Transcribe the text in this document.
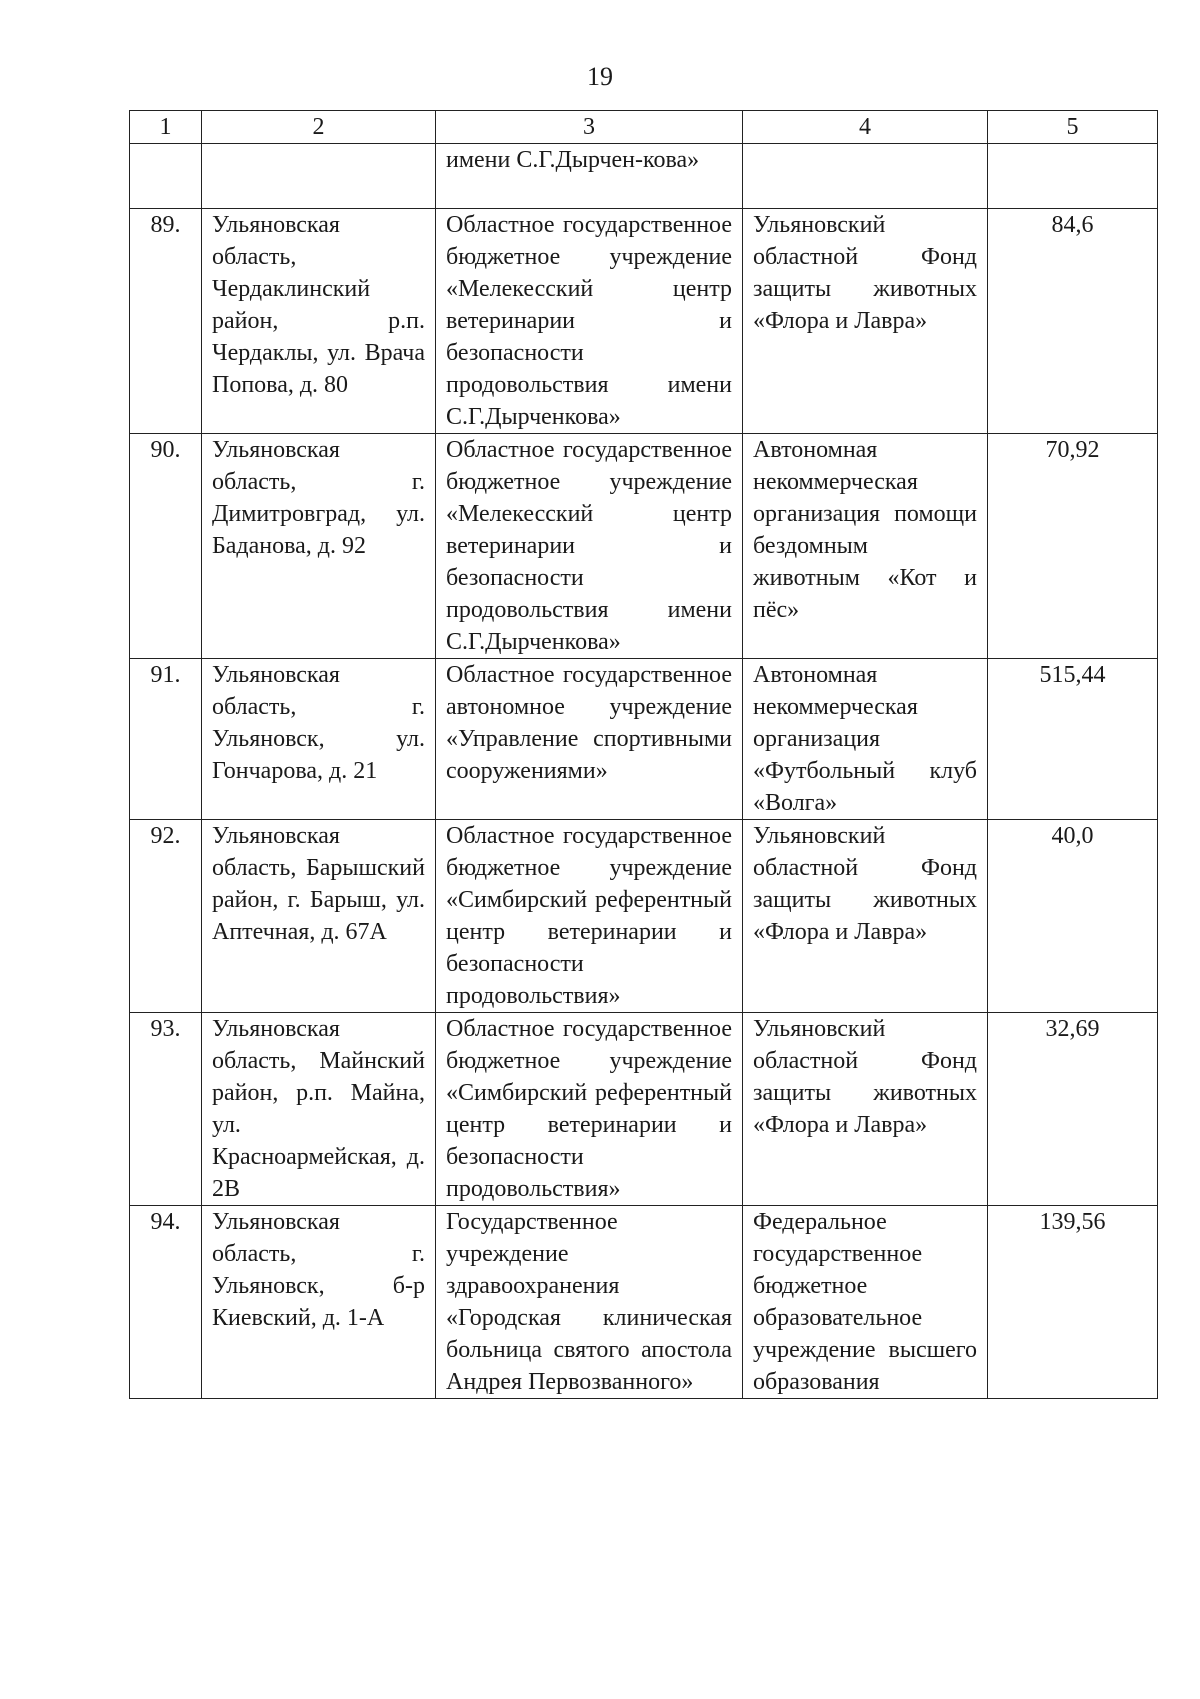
19
1	2	3	4	5
		имени С.Г.Дырчен-кова»		
89.	Ульяновская область, Чердаклинский район, р.п. Чердаклы, ул. Врача Попова, д. 80	Областное государственное бюджетное учреждение «Мелекесский центр ветеринарии и безопасности продовольствия имени С.Г.Дырченкова»	Ульяновский областной Фонд защиты животных «Флора и Лавра»	84,6
90.	Ульяновская область, г. Димитровград, ул. Баданова, д. 92	Областное государственное бюджетное учреждение «Мелекесский центр ветеринарии и безопасности продовольствия имени С.Г.Дырченкова»	Автономная некоммерческая организация помощи бездомным животным «Кот и пёс»	70,92
91.	Ульяновская область, г. Ульяновск, ул. Гончарова, д. 21	Областное государственное автономное учреждение «Управление спортивными сооружениями»	Автономная некоммерческая организация «Футбольный клуб «Волга»	515,44
92.	Ульяновская область, Барышский район, г. Барыш, ул. Аптечная, д. 67А	Областное государственное бюджетное учреждение «Симбирский референтный центр ветеринарии и безопасности продовольствия»	Ульяновский областной Фонд защиты животных «Флора и Лавра»	40,0
93.	Ульяновская область, Майнский район, р.п. Майна, ул. Красноармейская, д. 2В	Областное государственное бюджетное учреждение «Симбирский референтный центр ветеринарии и безопасности продовольствия»	Ульяновский областной Фонд защиты животных «Флора и Лавра»	32,69
94.	Ульяновская область, г. Ульяновск, б-р Киевский, д. 1-А	Государственное учреждение здравоохранения «Городская клиническая больница святого апостола Андрея Первозванного»	Федеральное государственное бюджетное образовательное учреждение высшего образования	139,56
